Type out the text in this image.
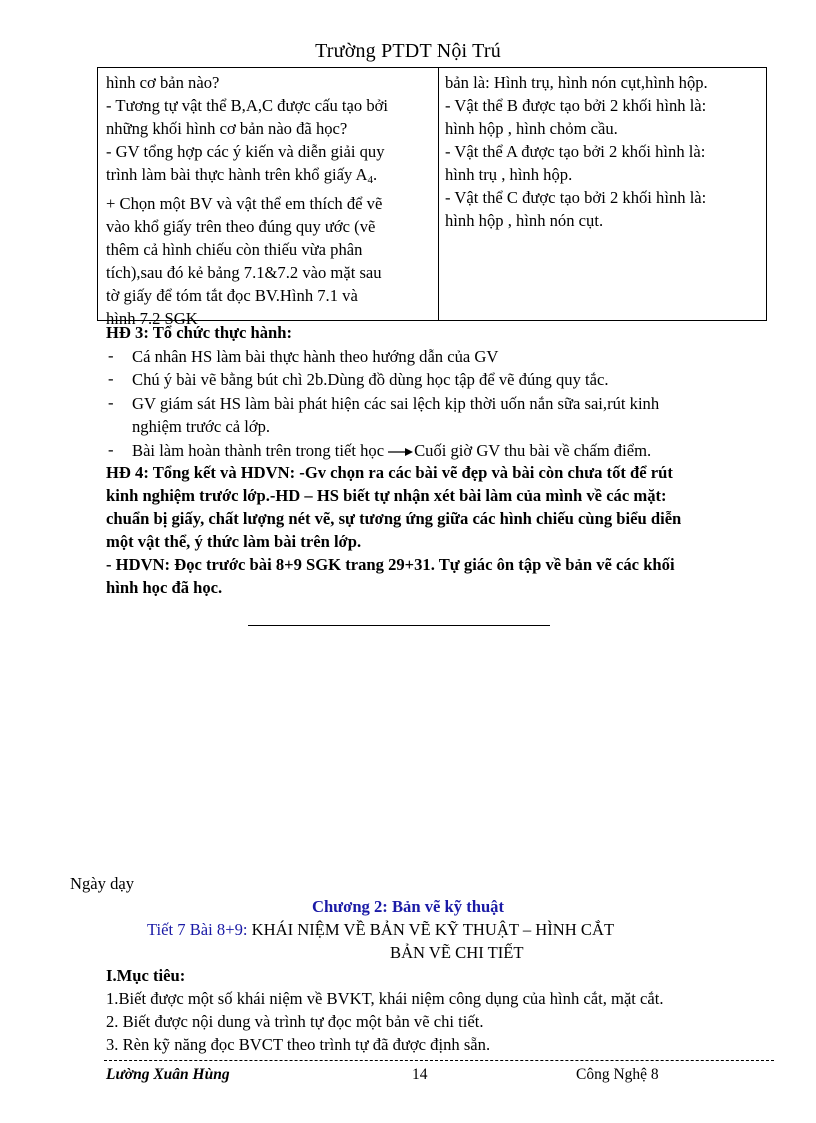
Trường PTDT Nội Trú
hình cơ bản nào?
- Tương tự vật thể B,A,C được cấu tạo bởi
những khối hình cơ bản nào đã học?
- GV tổng hợp các ý kiến và diễn giải quy
trình làm bài thực hành trên khổ giấy $A_4$.
+ Chọn một BV và vật thể em thích để vẽ
vào khổ giấy trên theo đúng quy ước (vẽ
thêm cả hình chiếu còn thiếu vừa phân
tích),sau đó kẻ bảng 7.1&7.2 vào mặt sau
tờ giấy để tóm tắt đọc BV.Hình 7.1 và
hình 7.2 SGK
bản là: Hình trụ, hình nón cụt,hình hộp.
- Vật thể B được tạo bởi 2 khối hình là:
hình hộp , hình chỏm cầu.
- Vật thể A được tạo bởi 2 khối hình là:
hình trụ , hình hộp.
- Vật thể C được tạo bởi 2 khối hình là:
hình hộp , hình nón cụt.
HĐ 3: Tổ chức thực hành:
- Cá nhân HS làm bài thực hành theo hướng dẫn của GV
- Chú ý bài vẽ bằng bút chì 2b.Dùng đồ dùng học tập để vẽ đúng quy tắc.
- GV giám sát HS làm bài phát hiện các sai lệch kịp thời uốn nắn sữa sai,rút kinh
nghiệm trước cả lớp.
- Bài làm hoàn thành trên trong tiết học Cuối giờ GV thu bài về chấm điểm.
HĐ 4: Tổng kết và HDVN: -Gv chọn ra các bài vẽ đẹp và bài còn chưa tốt để rút
kinh nghiệm trước lớp.-HD – HS biết tự nhận xét bài làm của mình về các mặt:
chuẩn bị giấy, chất lượng nét vẽ, sự tương ứng giữa các hình chiếu cùng biểu diễn
một vật thể, ý thức làm bài trên lớp.
- HDVN: Đọc trước bài 8+9 SGK trang 29+31. Tự giác ôn tập về bản vẽ các khối
hình học đã học.
Ngày dạy
Chương 2: Bản vẽ kỹ thuật
Tiết 7 Bài 8+9: KHÁI NIỆM VỀ BẢN VẼ KỸ THUẬT – HÌNH CẮT
BẢN VẼ CHI TIẾT
I.Mục tiêu:
1.Biết được một số khái niệm về BVKT, khái niệm công dụng của hình cắt, mặt cắt.
2. Biết được nội dung và trình tự đọc một bản vẽ chi tiết.
3. Rèn kỹ năng đọc BVCT theo trình tự đã được định sẵn.
Lường Xuân Hùng	14	Công Nghệ 8
